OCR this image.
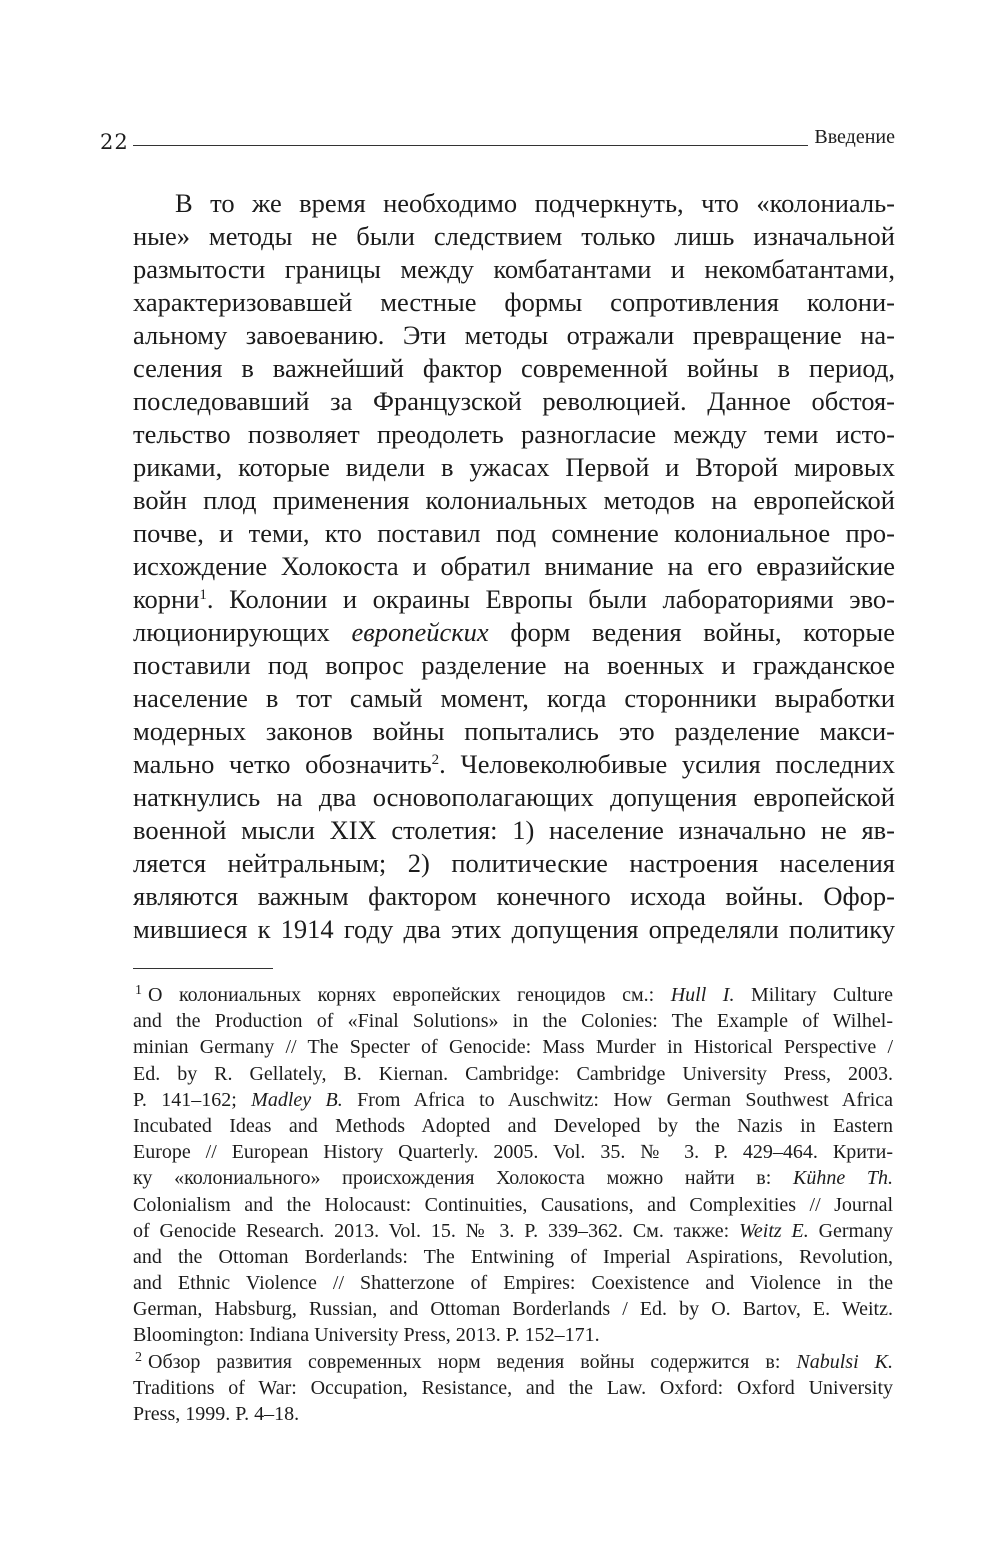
22	Введение
В то же время необходимо подчеркнуть, что «колониаль-
ные» методы не были следствием только лишь изначальной
размытости границы между комбатантами и некомбатантами,
характеризовавшей местные формы сопротивления колони-
альному завоеванию. Эти методы отражали превращение на-
селения в важнейший фактор современной войны в период,
последовавший за Французской революцией. Данное обстоя-
тельство позволяет преодолеть разногласие между теми исто-
риками, которые видели в ужасах Первой и Второй мировых
войн плод применения колониальных методов на европейской
почве, и теми, кто поставил под сомнение колониальное про-
исхождение Холокоста и обратил внимание на его евразийские
корни$^1$. Колонии и окраины Европы были лабораториями эво-
люционирующих европейских форм ведения войны, которые
поставили под вопрос разделение на военных и гражданское
население в тот самый момент, когда сторонники выработки
модерных законов войны попытались это разделение макси-
мально четко обозначить$^2$. Человеколюбивые усилия последних
наткнулись на два основополагающих допущения европейской
военной мысли XIX столетия: 1) население изначально не яв-
ляется нейтральным; 2) политические настроения населения
являются важным фактором конечного исхода войны. Офор-
мившиеся к 1914 году два этих допущения определяли политику
$^1$ О колониальных корнях европейских геноцидов см.: Hull I. Military Culture
and the Production of «Final Solutions» in the Colonies: The Example of Wilhel-
minian Germany // The Specter of Genocide: Mass Murder in Historical Perspective /
Ed. by R. Gellately, B. Kiernan. Cambridge: Cambridge University Press, 2003.
P. 141–162; Madley B. From Africa to Auschwitz: How German Southwest Africa
Incubated Ideas and Methods Adopted and Developed by the Nazis in Eastern
Europe // European History Quarterly. 2005. Vol. 35. № 3. P. 429–464. Крити-
ку «колониального» происхождения Холокоста можно найти в: Kühne Th.
Colonialism and the Holocaust: Continuities, Causations, and Complexities // Journal
of Genocide Research. 2013. Vol. 15. № 3. P. 339–362. См. также: Weitz E. Germany
and the Ottoman Borderlands: The Entwining of Imperial Aspirations, Revolution,
and Ethnic Violence // Shatterzone of Empires: Coexistence and Violence in the
German, Habsburg, Russian, and Ottoman Borderlands / Ed. by O. Bartov, E. Weitz.
Bloomington: Indiana University Press, 2013. P. 152–171.
$^2$ Обзор развития современных норм ведения войны содержится в: Nabulsi K.
Traditions of War: Occupation, Resistance, and the Law. Oxford: Oxford University
Press, 1999. P. 4–18.
